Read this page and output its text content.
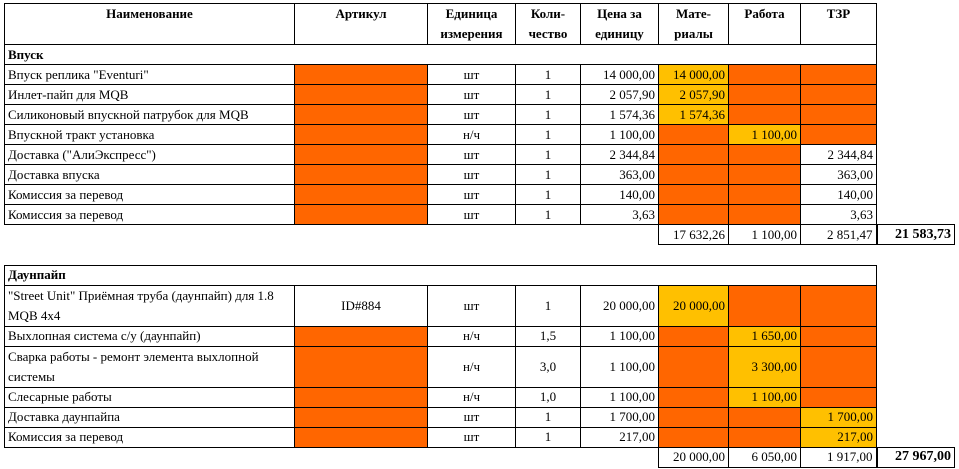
Наименование	Артикул	Единица измерения	Коли-чество	Цена за единицу	Мате-риалы	Работа	ТЗР	
Впуск								
Впуск реплика "Eventuri"		шт	1	14 000,00	14 000,00			
Инлет-пайп для MQB		шт	1	2 057,90	2 057,90			
Силиконовый впускной патрубок для MQB		шт	1	1 574,36	1 574,36			
Впускной тракт установка		н/ч	1	1 100,00		1 100,00		
Доставка ("АлиЭкспресс")		шт	1	2 344,84			2 344,84	
Доставка впуска		шт	1	363,00			363,00	
Комиссия за перевод		шт	1	140,00			140,00	
Комиссия за перевод		шт	1	3,63			3,63	
					17 632,26	1 100,00	2 851,47	21 583,73

Даунпайп								
"Street Unit" Приёмная труба (даунпайп) для 1.8 MQB 4x4	ID#884	шт	1	20 000,00	20 000,00			
Выхлопная система с/у (даунпайп)		н/ч	1,5	1 100,00		1 650,00		
Сварка работы - ремонт элемента выхлопной системы		н/ч	3,0	1 100,00		3 300,00		
Слесарные работы		н/ч	1,0	1 100,00		1 100,00		
Доставка даунпайпа		шт	1	1 700,00			1 700,00	
Комиссия за перевод		шт	1	217,00			217,00	
					20 000,00	6 050,00	1 917,00	27 967,00
